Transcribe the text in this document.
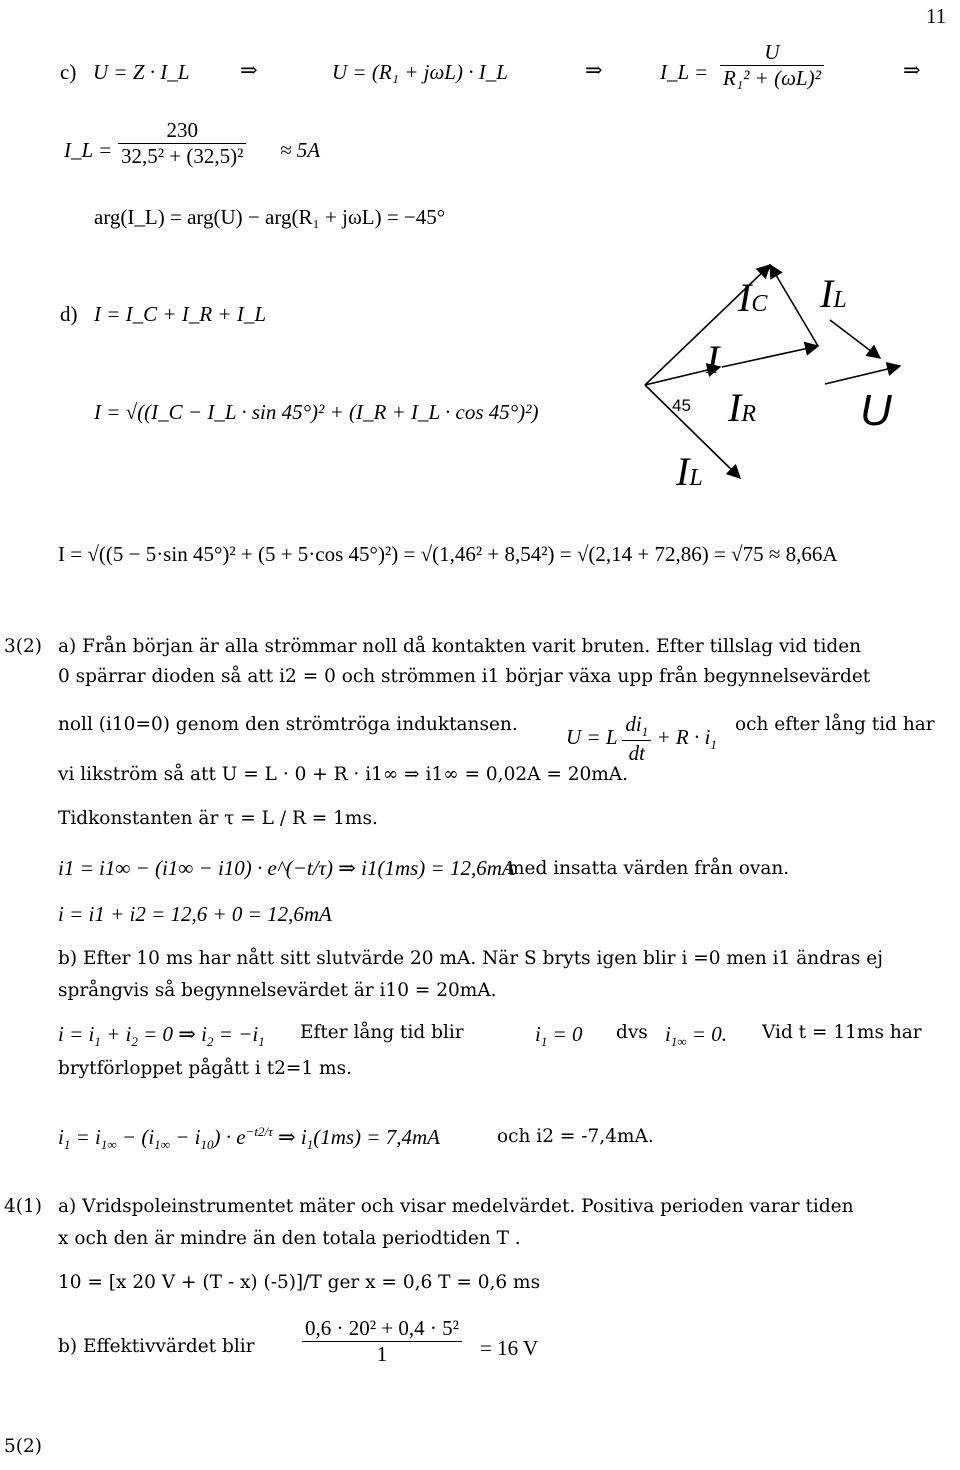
11
c) U = Z · I_L ⇒	U = (R₁ + jωL) · I_L	⇒	I_L = $\frac{U}{\text{R₁² + (ωL)²}}$	⇒
I_L = $\frac{230}{\text{32,5² + (32,5)²}} \approx 5A$
arg(I_L) = arg(U) − arg(R₁ + jωL) = −45°
d) I = I_C + I_R + I_L
I = √((I_C − I_L · sin 45°)² + (I_R + I_L · cos 45°)²)
I = √((5 − 5·sin 45°)² + (5 + 5·cos 45°)²) = √(1,46² + 8,54²) = √(2,14 + 72,86) = √75 ≈ 8,66A
I
IC IL
IR
IL
U
45
3(2) a) Från början är alla strömmar noll då kontakten varit bruten. Efter tillslag vid tiden
0 spärrar dioden så att i2 = 0 och strömmen i1 börjar växa upp från begynnelsevärdet
noll (i10=0) genom den strömtröga induktansen.
U = L $\frac{di_1}{dt} + R \cdot i_1$
och efter lång tid har
vi likström så att U = L · 0 + R · i1∞ ⇒ i1∞ = 0,02A = 20mA.
Tidkonstanten är τ = L / R = 1ms.
i1 = i1∞ − (i1∞ − i10) · e^(−t/τ) ⇒ i1(1ms) = 12,6mA
med insatta värden från ovan.
i = i1 + i2 = 12,6 + 0 = 12,6mA
b) Efter 10 ms har nått sitt slutvärde 20 mA. När S bryts igen blir i =0 men i1 ändras ej
språngvis så begynnelsevärdet är i10 = 20mA.
$i = i_1 + i_2 = 0$ ⇒ $i_2 = -i_1$ Efter lång tid blir	$i_1 = 0$ dvs $i_{1\infty} = 0$. Vid t = 11ms har
brytförloppet pågått i t2=1 ms.
$i_1 = i_{1\infty} - (i_{1\infty} - i_{10}) \cdot e^{-t2/\tau}$ ⇒ $i_1(1ms) = 7,4mA$	och i2 = -7,4mA.
4(1) a) Vridspoleinstrumentet mäter och visar medelvärdet. Positiva perioden varar tiden
x och den är mindre än den totala periodtiden T .
10 = [x 20 V + (T - x) (-5)]/T ger x = 0,6 T = 0,6 ms
b) Effektivvärdet blir $\frac{\text{0,6 · 20² + 0,4 · 5²}}{1} = 16$ V
5(2)
